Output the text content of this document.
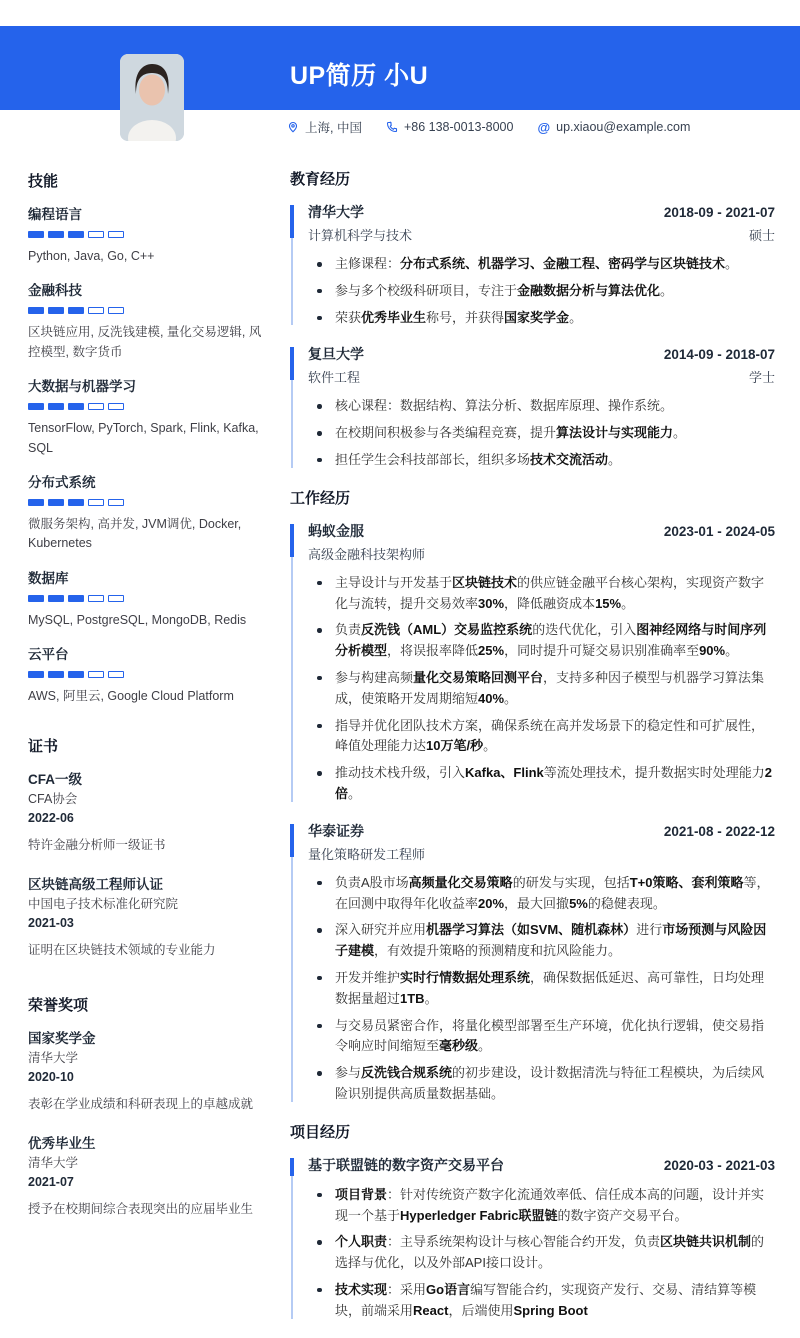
UP简历 小U
上海, 中国	+86 138-0013-8000 @ up.xiaou@example.com
技能
编程语言
Python, Java, Go, C++
金融科技
区块链应用, 反洗钱建模, 量化交易逻辑, 风控模型, 数字货币
大数据与机器学习
TensorFlow, PyTorch, Spark, Flink, Kafka, SQL
分布式系统
微服务架构, 高并发, JVM调优, Docker, Kubernetes
数据库
MySQL, PostgreSQL, MongoDB, Redis
云平台
AWS, 阿里云, Google Cloud Platform
证书
CFA一级
CFA协会
2022-06
特许金融分析师一级证书
区块链高级工程师认证
中国电子技术标准化研究院
2021-03
证明在区块链技术领域的专业能力
荣誉奖项
国家奖学金
清华大学
2020-10
表彰在学业成绩和科研表现上的卓越成就
优秀毕业生
清华大学
2021-07
授予在校期间综合表现突出的应届毕业生
教育经历
清华大学	2018-09 - 2021-07
计算机科学与技术	硕士
主修课程：分布式系统、机器学习、金融工程、密码学与区块链技术。
参与多个校级科研项目，专注于金融数据分析与算法优化。
荣获优秀毕业生称号，并获得国家奖学金。
复旦大学	2014-09 - 2018-07
软件工程	学士
核心课程：数据结构、算法分析、数据库原理、操作系统。
在校期间积极参与各类编程竞赛，提升算法设计与实现能力。
担任学生会科技部部长，组织多场技术交流活动。
工作经历
蚂蚁金服	2023-01 - 2024-05
高级金融科技架构师
主导设计与开发基于区块链技术的供应链金融平台核心架构，实现资产数字化与流转，提升交易效率30%，降低融资成本15%。
负责反洗钱（AML）交易监控系统的迭代优化，引入图神经网络与时间序列分析模型，将误报率降低25%，同时提升可疑交易识别准确率至90%。
参与构建高频量化交易策略回测平台，支持多种因子模型与机器学习算法集成，使策略开发周期缩短40%。
指导并优化团队技术方案，确保系统在高并发场景下的稳定性和可扩展性，峰值处理能力达10万笔/秒。
推动技术栈升级，引入Kafka、Flink等流处理技术，提升数据实时处理能力2倍。
华泰证券	2021-08 - 2022-12
量化策略研发工程师
负责A股市场高频量化交易策略的研发与实现，包括T+0策略、套利策略等，在回测中取得年化收益率20%，最大回撤5%的稳健表现。
深入研究并应用机器学习算法（如SVM、随机森林）进行市场预测与风险因子建模，有效提升策略的预测精度和抗风险能力。
开发并维护实时行情数据处理系统，确保数据低延迟、高可靠性，日均处理数据量超过1TB。
与交易员紧密合作，将量化模型部署至生产环境，优化执行逻辑，使交易指令响应时间缩短至毫秒级。
参与反洗钱合规系统的初步建设，设计数据清洗与特征工程模块，为后续风险识别提供高质量数据基础。
项目经历
基于联盟链的数字资产交易平台	2020-03 - 2021-03
项目背景：针对传统资产数字化流通效率低、信任成本高的问题，设计并实现一个基于Hyperledger Fabric联盟链的数字资产交易平台。
个人职责：主导系统架构设计与核心智能合约开发，负责区块链共识机制的选择与优化，以及外部API接口设计。
技术实现：采用Go语言编写智能合约，实现资产发行、交易、清结算等模块，前端采用React，后端使用Spring Boot
